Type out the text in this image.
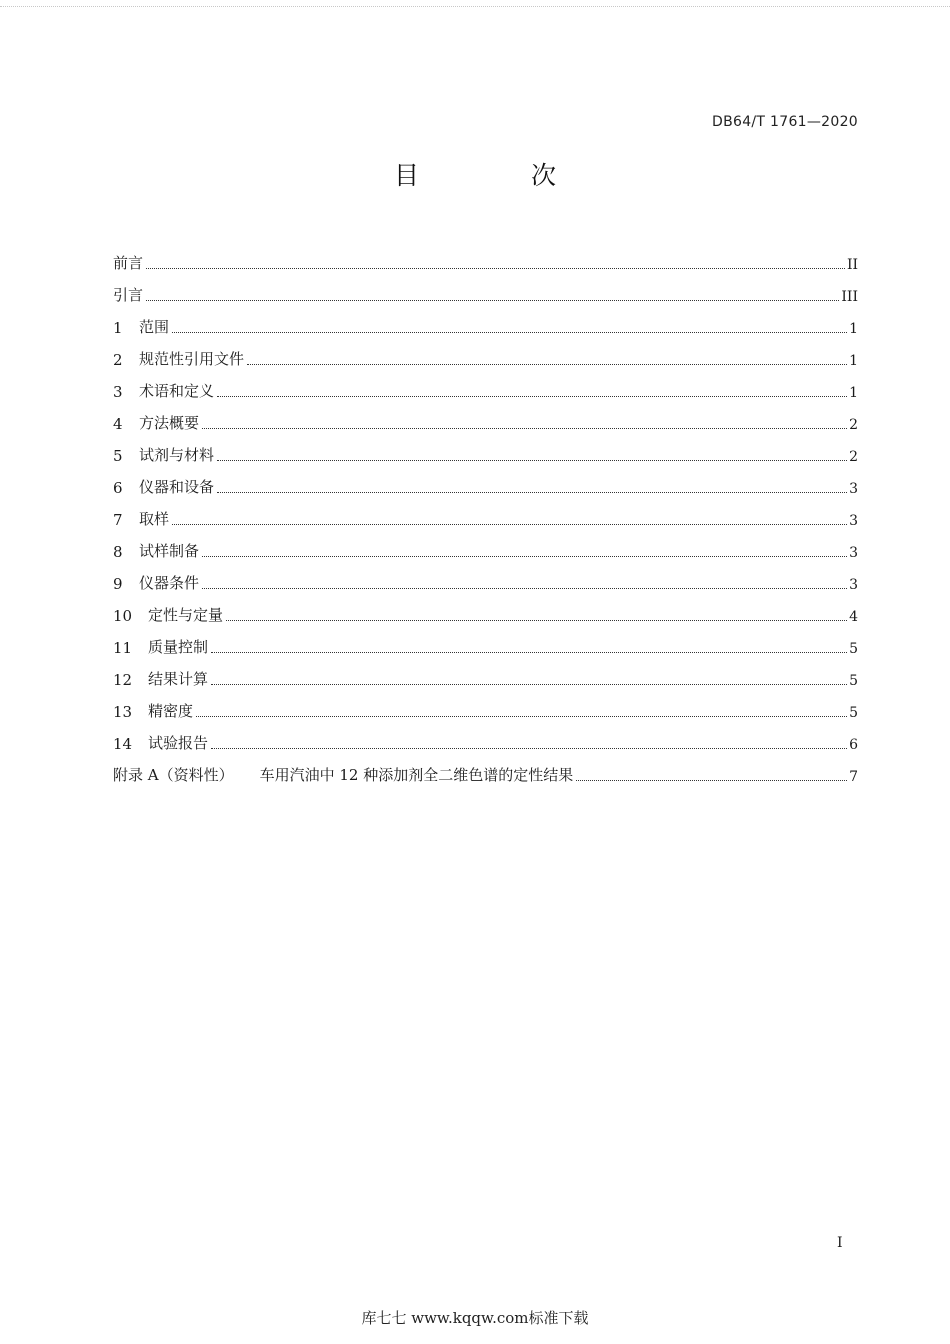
DB64/T 1761—2020
目 次
前言	II
引言	III
1	范围	1
2	规范性引用文件	1
3	术语和定义	1
4	方法概要	2
5	试剂与材料	2
6	仪器和设备	3
7	取样	3
8	试样制备	3
9	仪器条件	3
10	定性与定量	4
11	质量控制	5
12	结果计算	5
13	精密度	5
14	试验报告	6
附录 A（资料性） 车用汽油中 12 种添加剂全二维色谱的定性结果	7
I
库七七 www.kqqw.com标准下载
